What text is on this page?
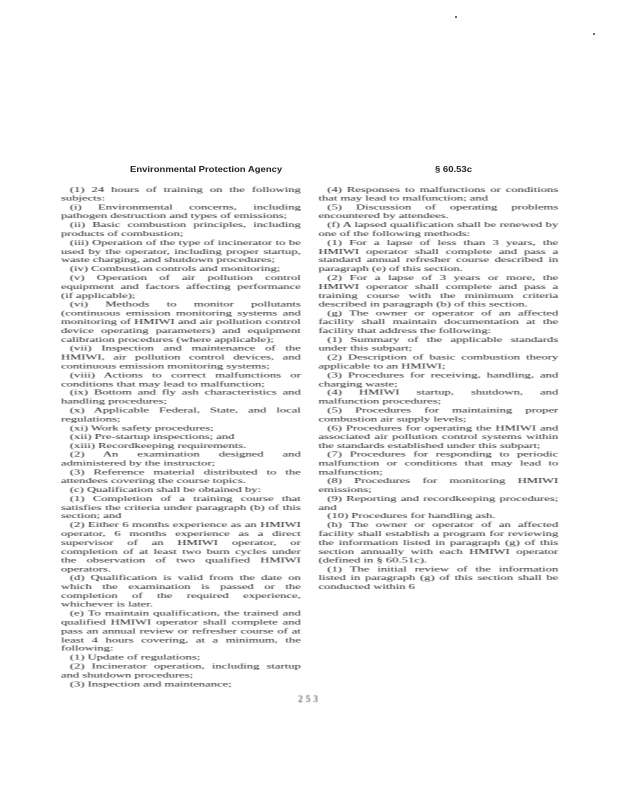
Environmental Protection Agency	§ 60.53c

(1) 24 hours of training on the following subjects:

(i) Environmental concerns, including pathogen destruction and types of emissions;

(ii) Basic combustion principles, including products of combustion;

(iii) Operation of the type of incinerator to be used by the operator, including proper startup, waste charging, and shutdown procedures;

(iv) Combustion controls and monitoring;

(v) Operation of air pollution control equipment and factors affecting performance (if applicable);

(vi) Methods to monitor pollutants (continuous emission monitoring systems and monitoring of HMIWI and air pollution control device operating parameters) and equipment calibration procedures (where applicable);

(vii) Inspection and maintenance of the HMIWI, air pollution control devices, and continuous emission monitoring systems;

(viii) Actions to correct malfunctions or conditions that may lead to malfunction;

(ix) Bottom and fly ash characteristics and handling procedures;

(x) Applicable Federal, State, and local regulations;

(xi) Work safety procedures;

(xii) Pre-startup inspections; and

(xiii) Recordkeeping requirements.

(2) An examination designed and administered by the instructor;

(3) Reference material distributed to the attendees covering the course topics.

(c) Qualification shall be obtained by:

(1) Completion of a training course that satisfies the criteria under paragraph (b) of this section; and

(2) Either 6 months experience as an HMIWI operator, 6 months experience as a direct supervisor of an HMIWI operator, or completion of at least two burn cycles under the observation of two qualified HMIWI operators.

(d) Qualification is valid from the date on which the examination is passed or the completion of the required experience, whichever is later.

(e) To maintain qualification, the trained and qualified HMIWI operator shall complete and pass an annual review or refresher course of at least 4 hours covering, at a minimum, the following:

(1) Update of regulations;

(2) Incinerator operation, including startup and shutdown procedures;

(3) Inspection and maintenance;

(4) Responses to malfunctions or conditions that may lead to malfunction; and

(5) Discussion of operating problems encountered by attendees.

(f) A lapsed qualification shall be renewed by one of the following methods:

(1) For a lapse of less than 3 years, the HMIWI operator shall complete and pass a standard annual refresher course described in paragraph (e) of this section.

(2) For a lapse of 3 years or more, the HMIWI operator shall complete and pass a training course with the minimum criteria described in paragraph (b) of this section.

(g) The owner or operator of an affected facility shall maintain documentation at the facility that address the following:

(1) Summary of the applicable standards under this subpart;

(2) Description of basic combustion theory applicable to an HMIWI;

(3) Procedures for receiving, handling, and charging waste;

(4) HMIWI startup, shutdown, and malfunction procedures;

(5) Procedures for maintaining proper combustion air supply levels;

(6) Procedures for operating the HMIWI and associated air pollution control systems within the standards established under this subpart;

(7) Procedures for responding to periodic malfunction or conditions that may lead to malfunction;

(8) Procedures for monitoring HMIWI emissions;

(9) Reporting and recordkeeping procedures; and

(10) Procedures for handling ash.

(h) The owner or operator of an affected facility shall establish a program for reviewing the information listed in paragraph (g) of this section annually with each HMIWI operator (defined in § 60.51c).

(1) The initial review of the information listed in paragraph (g) of this section shall be conducted within 6

253
